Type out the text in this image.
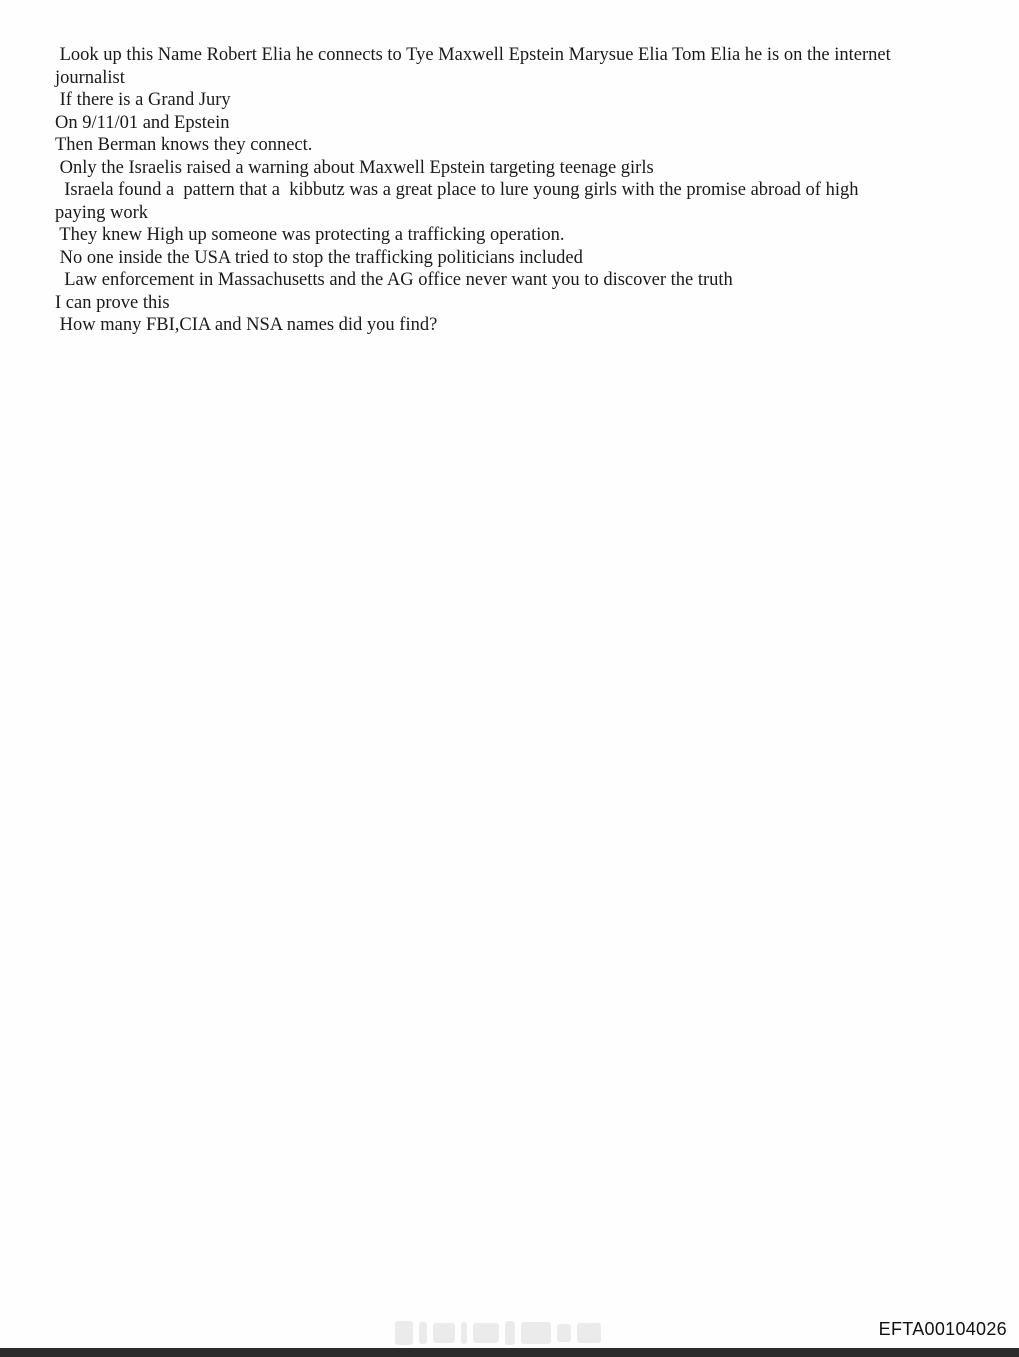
Look up this Name Robert Elia he connects to Tye Maxwell Epstein Marysue Elia Tom Elia he is on the internet
journalist
If there is a Grand Jury
On 9/11/01 and Epstein
Then Berman knows they connect.
Only the Israelis raised a warning about Maxwell Epstein targeting teenage girls
Israela found a  pattern that a  kibbutz was a great place to lure young girls with the promise abroad of high
paying work
They knew High up someone was protecting a trafficking operation.
No one inside the USA tried to stop the trafficking politicians included
Law enforcement in Massachusetts and the AG office never want you to discover the truth
I can prove this
How many FBI,CIA and NSA names did you find?
EFTA00104026
